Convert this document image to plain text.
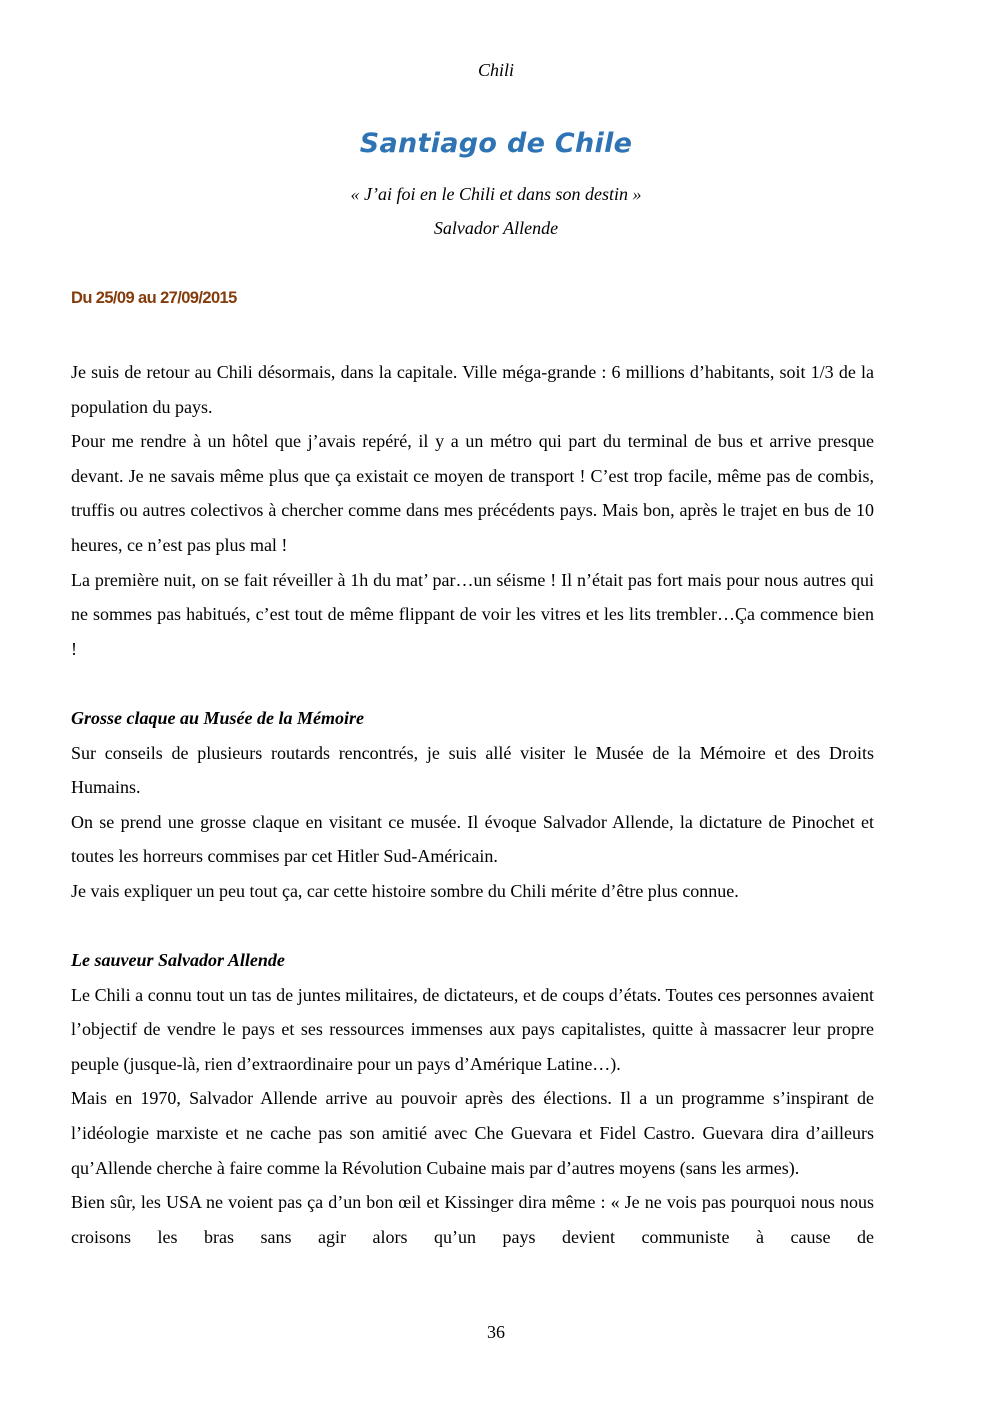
Chili
Santiago de Chile
« J’ai foi en le Chili et dans son destin »
Salvador Allende
Du 25/09 au 27/09/2015

Je suis de retour au Chili désormais, dans la capitale. Ville méga-grande : 6 millions d’habitants, soit 1/3 de la population du pays.

Pour me rendre à un hôtel que j’avais repéré, il y a un métro qui part du terminal de bus et arrive presque devant. Je ne savais même plus que ça existait ce moyen de transport ! C’est trop facile, même pas de combis, truffis ou autres colectivos à chercher comme dans mes précédents pays. Mais bon, après le trajet en bus de 10 heures, ce n’est pas plus mal !

La première nuit, on se fait réveiller à 1h du mat’ par…un séisme ! Il n’était pas fort mais pour nous autres qui ne sommes pas habitués, c’est tout de même flippant de voir les vitres et les lits trembler…Ça commence bien !

Grosse claque au Musée de la Mémoire

Sur conseils de plusieurs routards rencontrés, je suis allé visiter le Musée de la Mémoire et des Droits Humains.

On se prend une grosse claque en visitant ce musée. Il évoque Salvador Allende, la dictature de Pinochet et toutes les horreurs commises par cet Hitler Sud-Américain.

Je vais expliquer un peu tout ça, car cette histoire sombre du Chili mérite d’être plus connue.

Le sauveur Salvador Allende

Le Chili a connu tout un tas de juntes militaires, de dictateurs, et de coups d’états. Toutes ces personnes avaient l’objectif de vendre le pays et ses ressources immenses aux pays capitalistes, quitte à massacrer leur propre peuple (jusque-là, rien d’extraordinaire pour un pays d’Amérique Latine…).

Mais en 1970, Salvador Allende arrive au pouvoir après des élections. Il a un programme s’inspirant de l’idéologie marxiste et ne cache pas son amitié avec Che Guevara et Fidel Castro. Guevara dira d’ailleurs qu’Allende cherche à faire comme la Révolution Cubaine mais par d’autres moyens (sans les armes).

Bien sûr, les USA ne voient pas ça d’un bon œil et Kissinger dira même : « Je ne vois pas pourquoi nous nous croisons les bras sans agir alors qu’un pays devient communiste à cause de

36
